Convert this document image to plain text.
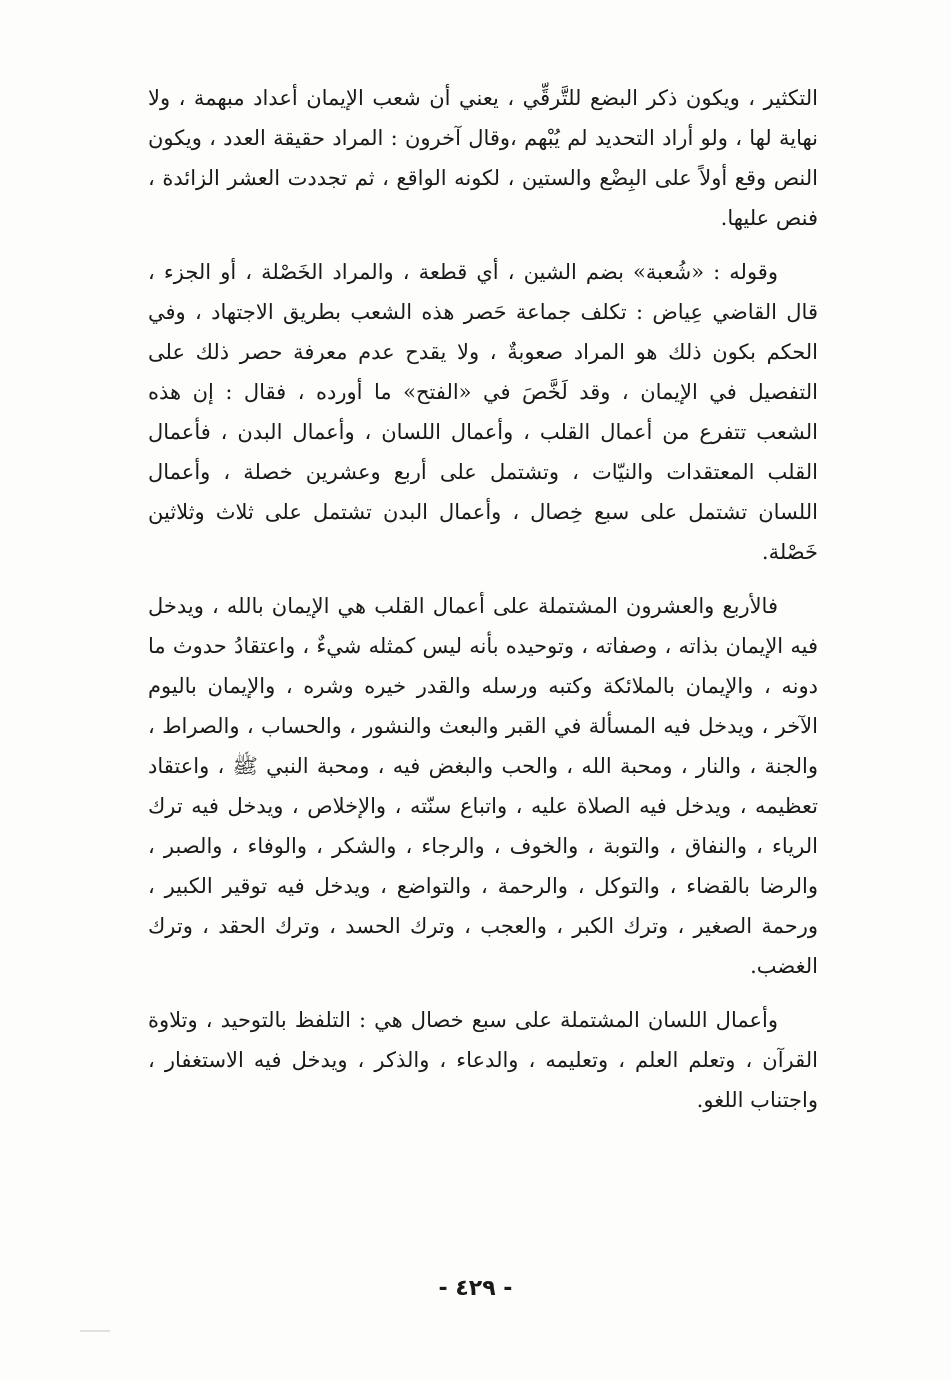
التكثير ، ويكون ذكر البضع للتَّرقِّي ، يعني أن شعب الإيمان أعداد مبهمة ، ولا نهاية لها ، ولو أراد التحديد لم يُبْهم ،وقال آخرون : المراد حقيقة العدد ، ويكون النص وقع أولاً على البِضْع والستين ، لكونه الواقع ، ثم تجددت العشر الزائدة ، فنص عليها.

وقوله : «شُعبة» بضم الشين ، أي قطعة ، والمراد الخَصْلة ، أو الجزء ، قال القاضي عِياض : تكلف جماعة حَصر هذه الشعب بطريق الاجتهاد ، وفي الحكم بكون ذلك هو المراد صعوبةٌ ، ولا يقدح عدم معرفة حصر ذلك على التفصيل في الإيمان ، وقد لَخَّصَ في «الفتح» ما أورده ، فقال : إن هذه الشعب تتفرع من أعمال القلب ، وأعمال اللسان ، وأعمال البدن ، فأعمال القلب المعتقدات والنيّات ، وتشتمل على أربع وعشرين خصلة ، وأعمال اللسان تشتمل على سبع خِصال ، وأعمال البدن تشتمل على ثلاث وثلاثين خَصْلة.

فالأربع والعشرون المشتملة على أعمال القلب هي الإيمان بالله ، ويدخل فيه الإيمان بذاته ، وصفاته ، وتوحيده بأنه ليس كمثله شيءٌ ، واعتقادُ حدوث ما دونه ، والإيمان بالملائكة وكتبه ورسله والقدر خيره وشره ، والإيمان باليوم الآخر ، ويدخل فيه المسألة في القبر والبعث والنشور ، والحساب ، والصراط ، والجنة ، والنار ، ومحبة الله ، والحب والبغض فيه ، ومحبة النبي ﷺ ، واعتقاد تعظيمه ، ويدخل فيه الصلاة عليه ، واتباع سنّته ، والإخلاص ، ويدخل فيه ترك الرياء ، والنفاق ، والتوبة ، والخوف ، والرجاء ، والشكر ، والوفاء ، والصبر ، والرضا بالقضاء ، والتوكل ، والرحمة ، والتواضع ، ويدخل فيه توقير الكبير ، ورحمة الصغير ، وترك الكبر ، والعجب ، وترك الحسد ، وترك الحقد ، وترك الغضب.

وأعمال اللسان المشتملة على سبع خصال هي : التلفظ بالتوحيد ، وتلاوة القرآن ، وتعلم العلم ، وتعليمه ، والدعاء ، والذكر ، ويدخل فيه الاستغفار ، واجتناب اللغو.

- ٤٢٩ -
